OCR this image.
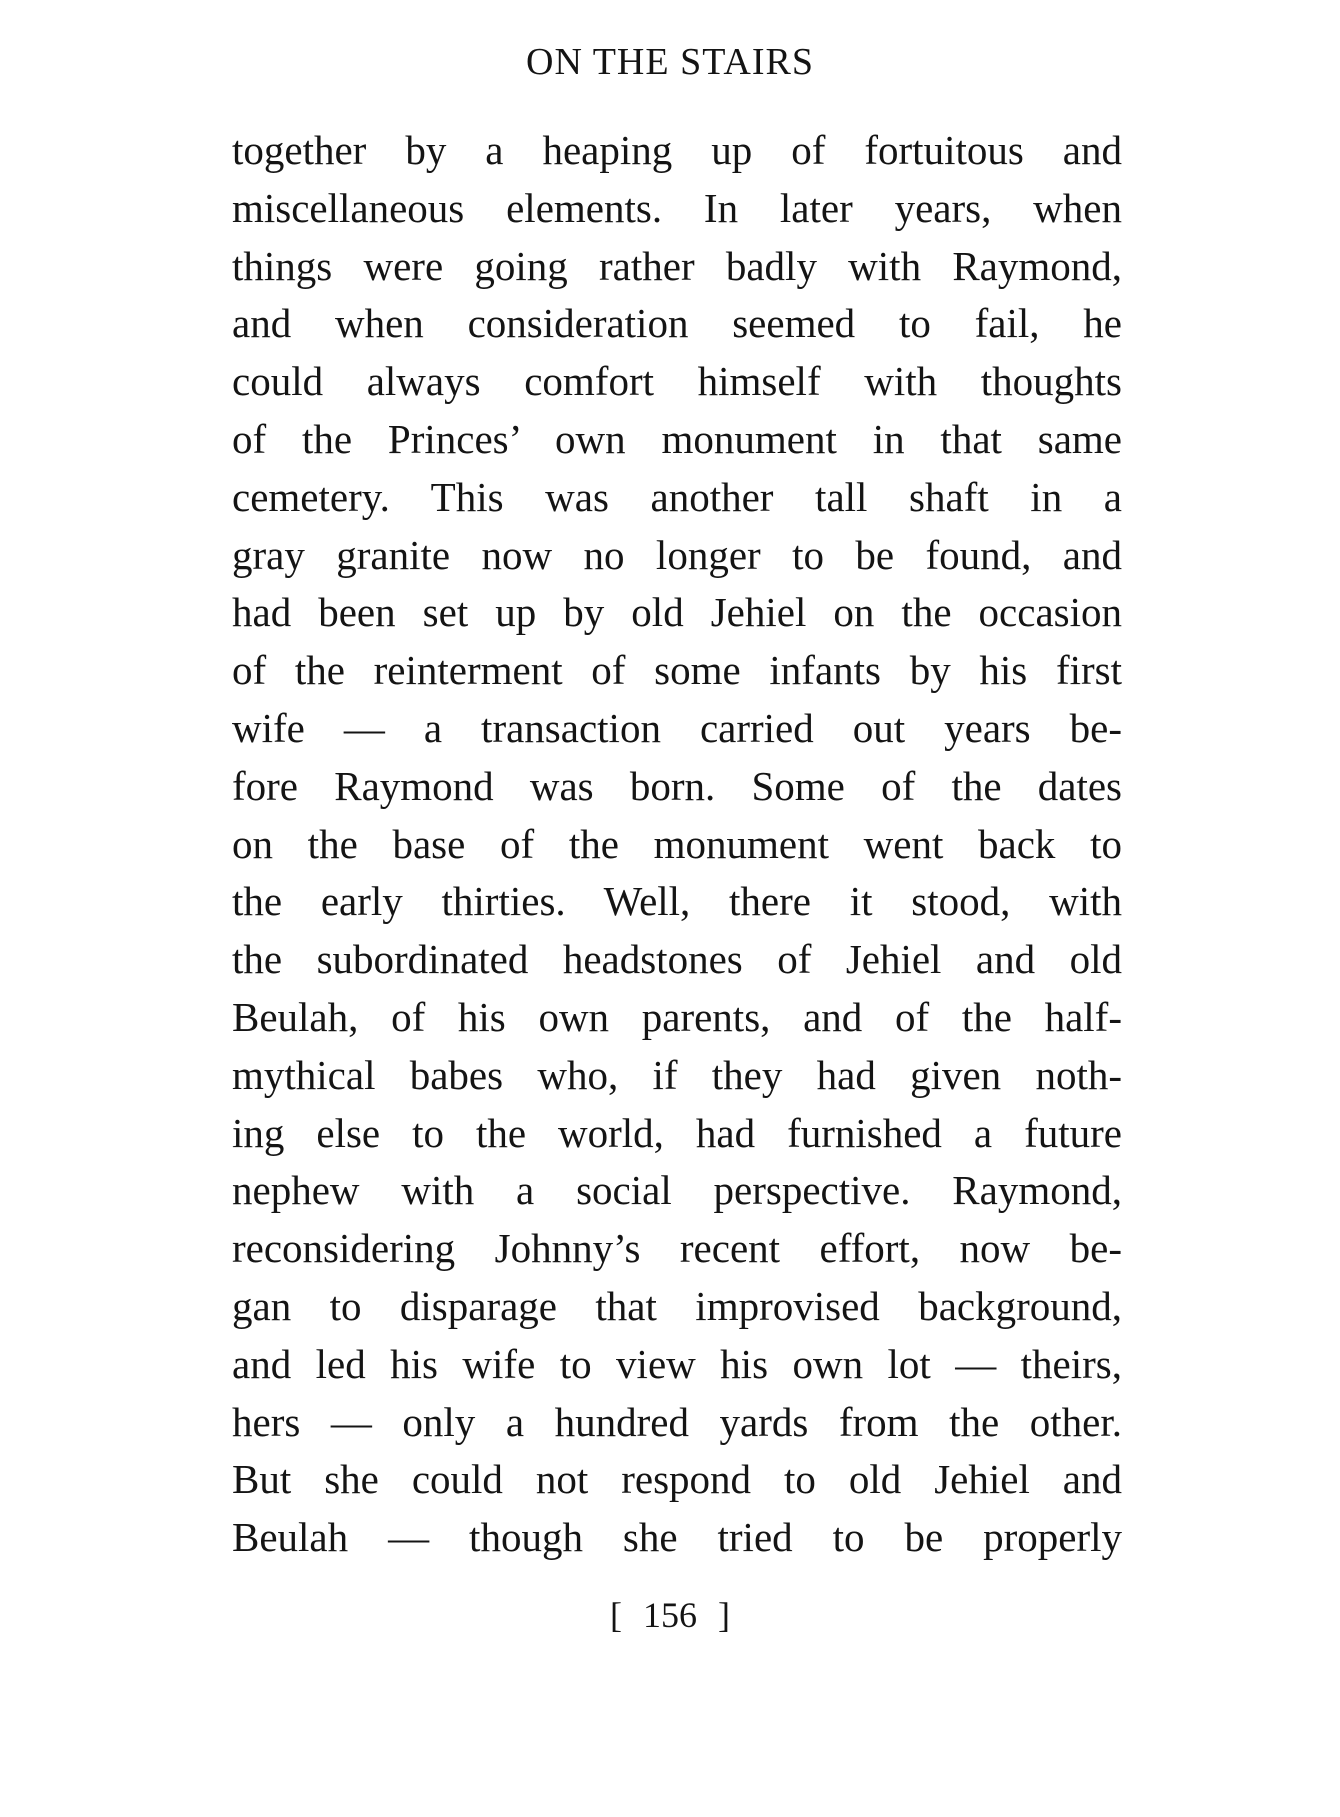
ON THE STAIRS
together by a heaping up of fortuitous and
miscellaneous elements. In later years, when
things were going rather badly with Raymond,
and when consideration seemed to fail, he
could always comfort himself with thoughts
of the Princes’ own monument in that same
cemetery. This was another tall shaft in a
gray granite now no longer to be found, and
had been set up by old Jehiel on the occasion
of the reinterment of some infants by his first
wife — a transaction carried out years be-
fore Raymond was born. Some of the dates
on the base of the monument went back to
the early thirties. Well, there it stood, with
the subordinated headstones of Jehiel and old
Beulah, of his own parents, and of the half-
mythical babes who, if they had given noth-
ing else to the world, had furnished a future
nephew with a social perspective. Raymond,
reconsidering Johnny’s recent effort, now be-
gan to disparage that improvised background,
and led his wife to view his own lot — theirs,
hers — only a hundred yards from the other.
But she could not respond to old Jehiel and
Beulah — though she tried to be properly
[ 156 ]
